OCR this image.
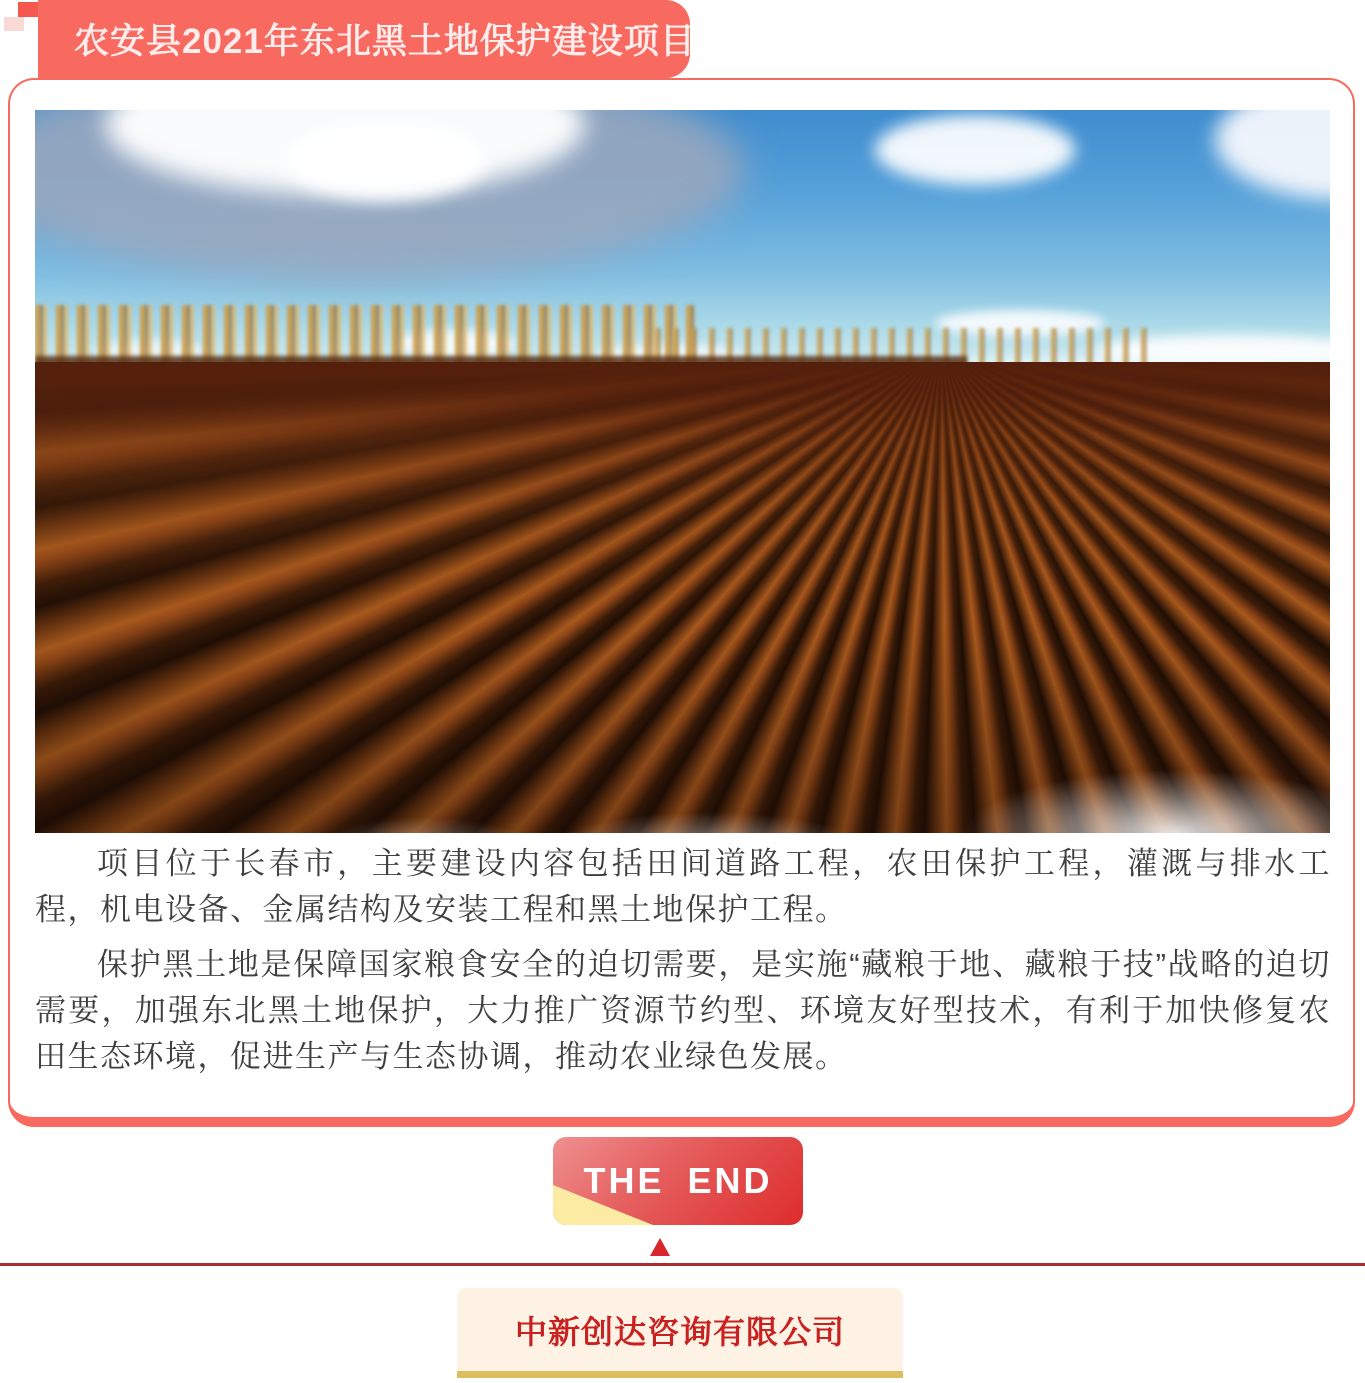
农安县2021年东北黑土地保护建设项目

项目位于长春市，主要建设内容包括田间道路工程，农田保护工程，灌溉与排水工程，机电设备、金属结构及安装工程和黑土地保护工程。

保护黑土地是保障国家粮食安全的迫切需要，是实施“藏粮于地、藏粮于技”战略的迫切需要，加强东北黑土地保护，大力推广资源节约型、环境友好型技术，有利于加快修复农田生态环境，促进生产与生态协调，推动农业绿色发展。

THE END
中新创达咨询有限公司
